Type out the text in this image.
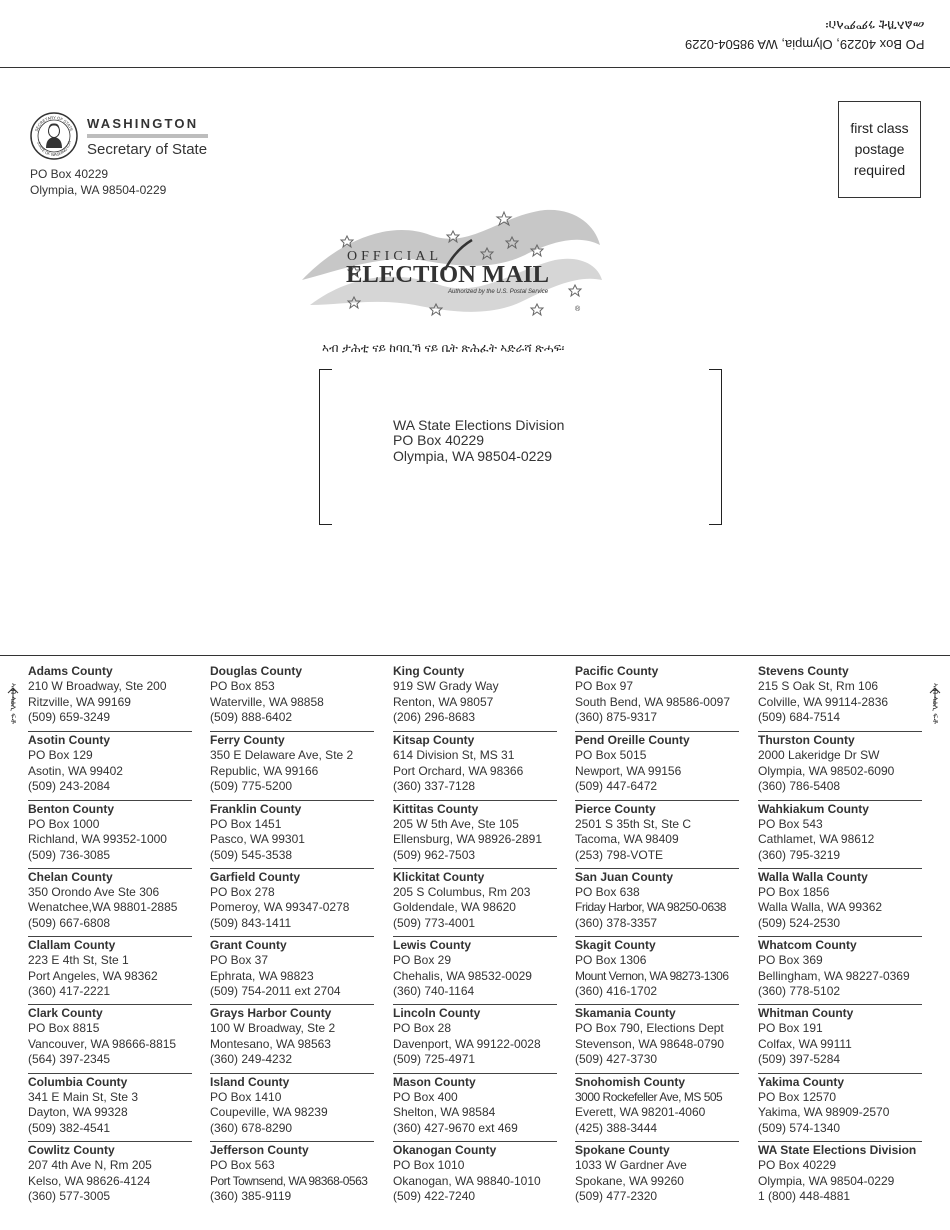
PO Box 40229, Olympia, WA 98504-0229
መልእኽቲ ንምምላስ፡
SECRETARY OF STATE
STATE OF WASHINGTON
WASHINGTON
Secretary of State
PO Box 40229
Olympia, WA 98504-0229
first class
postage
required
OFFICIAL
ELECTION MAIL
Authorized by the U.S. Postal Service
®
ኣብ ታሕቲ ናይ ከባቢኻ ናይ ቤት ጽሕፈት ኣድራሻ ጽሓፍ፡
WA State Elections Division
PO Box 40229
Olympia, WA 98504-0229
ኣብ ላዕሊ ፍቶ	ኣብ ላዕሊ ፍቶ
Adams County
210 W Broadway, Ste 200
Ritzville, WA 99169
(509) 659-3249
Asotin County
PO Box 129
Asotin, WA 99402
(509) 243-2084
Benton County
PO Box 1000
Richland, WA 99352-1000
(509) 736-3085
Chelan County
350 Orondo Ave Ste 306
Wenatchee,WA 98801-2885
(509) 667-6808
Clallam County
223 E 4th St, Ste 1
Port Angeles, WA 98362
(360) 417-2221
Clark County
PO Box 8815
Vancouver, WA 98666-8815
(564) 397-2345
Columbia County
341 E Main St, Ste 3
Dayton, WA 99328
(509) 382-4541
Cowlitz County
207 4th Ave N, Rm 205
Kelso, WA 98626-4124
(360) 577-3005
Douglas County
PO Box 853
Waterville, WA 98858
(509) 888-6402
Ferry County
350 E Delaware Ave, Ste 2
Republic, WA 99166
(509) 775-5200
Franklin County
PO Box 1451
Pasco, WA 99301
(509) 545-3538
Garfield County
PO Box 278
Pomeroy, WA 99347-0278
(509) 843-1411
Grant County
PO Box 37
Ephrata, WA 98823
(509) 754-2011 ext 2704
Grays Harbor County
100 W Broadway, Ste 2
Montesano, WA 98563
(360) 249-4232
Island County
PO Box 1410
Coupeville, WA 98239
(360) 678-8290
Jefferson County
PO Box 563
Port Townsend, WA 98368-0563
(360) 385-9119
King County
919 SW Grady Way
Renton, WA 98057
(206) 296-8683
Kitsap County
614 Division St, MS 31
Port Orchard, WA 98366
(360) 337-7128
Kittitas County
205 W 5th Ave, Ste 105
Ellensburg, WA 98926-2891
(509) 962-7503
Klickitat County
205 S Columbus, Rm 203
Goldendale, WA 98620
(509) 773-4001
Lewis County
PO Box 29
Chehalis, WA 98532-0029
(360) 740-1164
Lincoln County
PO Box 28
Davenport, WA 99122-0028
(509) 725-4971
Mason County
PO Box 400
Shelton, WA 98584
(360) 427-9670 ext 469
Okanogan County
PO Box 1010
Okanogan, WA 98840-1010
(509) 422-7240
Pacific County
PO Box 97
South Bend, WA 98586-0097
(360) 875-9317
Pend Oreille County
PO Box 5015
Newport, WA 99156
(509) 447-6472
Pierce County
2501 S 35th St, Ste C
Tacoma, WA 98409
(253) 798-VOTE
San Juan County
PO Box 638
Friday Harbor, WA 98250-0638
(360) 378-3357
Skagit County
PO Box 1306
Mount Vernon, WA 98273-1306
(360) 416-1702
Skamania County
PO Box 790, Elections Dept
Stevenson, WA 98648-0790
(509) 427-3730
Snohomish County
3000 Rockefeller Ave, MS 505
Everett, WA 98201-4060
(425) 388-3444
Spokane County
1033 W Gardner Ave
Spokane, WA 99260
(509) 477-2320
Stevens County
215 S Oak St, Rm 106
Colville, WA 99114-2836
(509) 684-7514
Thurston County
2000 Lakeridge Dr SW
Olympia, WA 98502-6090
(360) 786-5408
Wahkiakum County
PO Box 543
Cathlamet, WA 98612
(360) 795-3219
Walla Walla County
PO Box 1856
Walla Walla, WA 99362
(509) 524-2530
Whatcom County
PO Box 369
Bellingham, WA 98227-0369
(360) 778-5102
Whitman County
PO Box 191
Colfax, WA 99111
(509) 397-5284
Yakima County
PO Box 12570
Yakima, WA 98909-2570
(509) 574-1340
WA State Elections Division
PO Box 40229
Olympia, WA 98504-0229
1 (800) 448-4881
